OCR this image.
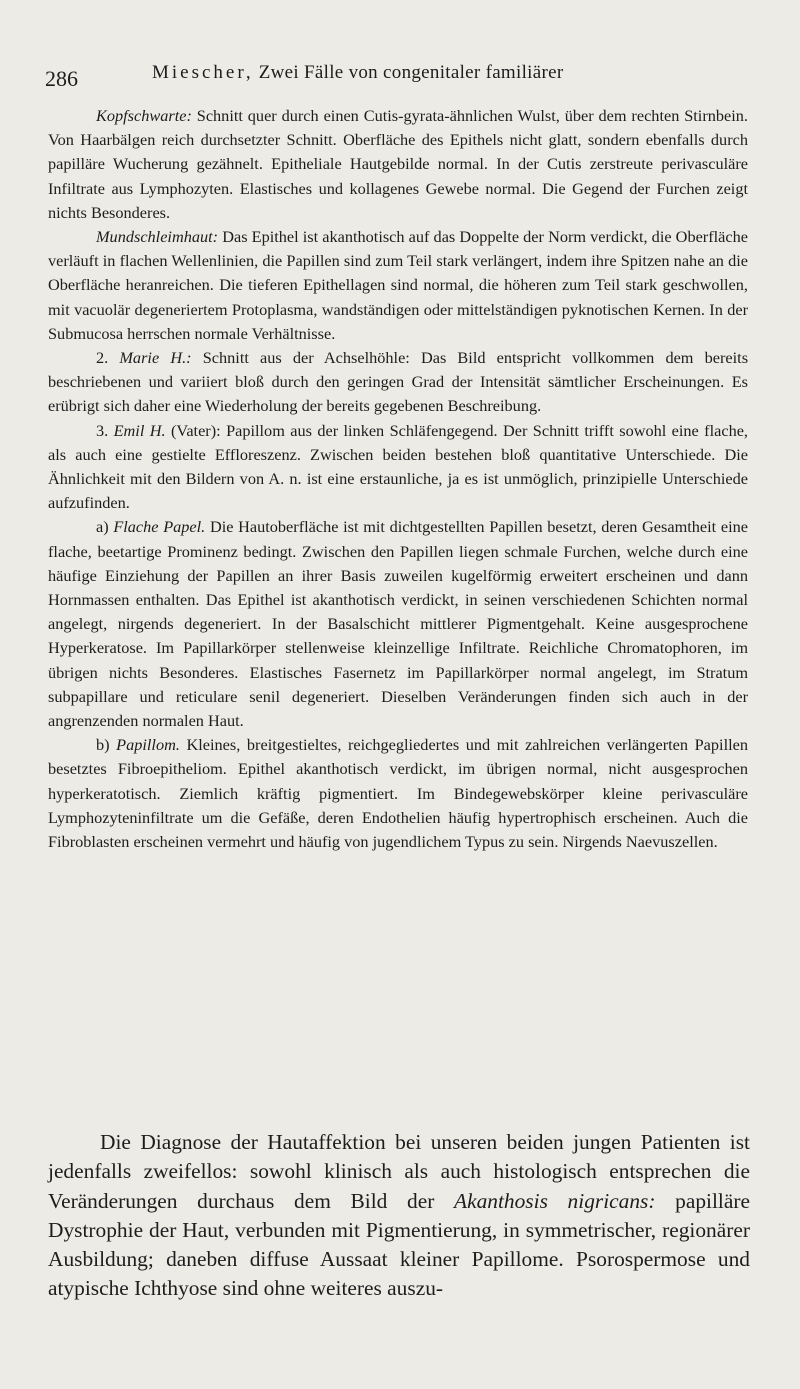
286	Miescher, Zwei Fälle von congenitaler familiärer

Kopfschwarte: Schnitt quer durch einen Cutis-gyrata-ähnlichen Wulst, über dem rechten Stirnbein. Von Haarbälgen reich durchsetzter Schnitt. Oberfläche des Epithels nicht glatt, sondern ebenfalls durch papilläre Wucherung gezähnelt. Epitheliale Hautgebilde normal. In der Cutis zerstreute perivasculäre Infiltrate aus Lymphozyten. Elastisches und kollagenes Gewebe normal. Die Gegend der Furchen zeigt nichts Besonderes.

Mundschleimhaut: Das Epithel ist akanthotisch auf das Doppelte der Norm verdickt, die Oberfläche verläuft in flachen Wellenlinien, die Papillen sind zum Teil stark verlängert, indem ihre Spitzen nahe an die Oberfläche heranreichen. Die tieferen Epithellagen sind normal, die höheren zum Teil stark geschwollen, mit vacuolär degeneriertem Protoplasma, wandständigen oder mittelständigen pyknotischen Kernen. In der Submucosa herrschen normale Verhältnisse.

2. Marie H.: Schnitt aus der Achselhöhle: Das Bild entspricht vollkommen dem bereits beschriebenen und variiert bloß durch den geringen Grad der Intensität sämtlicher Erscheinungen. Es erübrigt sich daher eine Wiederholung der bereits gegebenen Beschreibung.

3. Emil H. (Vater): Papillom aus der linken Schläfengegend. Der Schnitt trifft sowohl eine flache, als auch eine gestielte Effloreszenz. Zwischen beiden bestehen bloß quantitative Unterschiede. Die Ähnlichkeit mit den Bildern von A. n. ist eine erstaunliche, ja es ist unmöglich, prinzipielle Unterschiede aufzufinden.

a) Flache Papel. Die Hautoberfläche ist mit dichtgestellten Papillen besetzt, deren Gesamtheit eine flache, beetartige Prominenz bedingt. Zwischen den Papillen liegen schmale Furchen, welche durch eine häufige Einziehung der Papillen an ihrer Basis zuweilen kugelförmig erweitert erscheinen und dann Hornmassen enthalten. Das Epithel ist akanthotisch verdickt, in seinen verschiedenen Schichten normal angelegt, nirgends degeneriert. In der Basalschicht mittlerer Pigmentgehalt. Keine ausgesprochene Hyperkeratose. Im Papillarkörper stellenweise kleinzellige Infiltrate. Reichliche Chromatophoren, im übrigen nichts Besonderes. Elastisches Fasernetz im Papillarkörper normal angelegt, im Stratum subpapillare und reticulare senil degeneriert. Dieselben Veränderungen finden sich auch in der angrenzenden normalen Haut.

b) Papillom. Kleines, breitgestieltes, reichgegliedertes und mit zahlreichen verlängerten Papillen besetztes Fibroepitheliom. Epithel akanthotisch verdickt, im übrigen normal, nicht ausgesprochen hyperkeratotisch. Ziemlich kräftig pigmentiert. Im Bindegewebskörper kleine perivasculäre Lymphozyteninfiltrate um die Gefäße, deren Endothelien häufig hypertrophisch erscheinen. Auch die Fibroblasten erscheinen vermehrt und häufig von jugendlichem Typus zu sein. Nirgends Naevuszellen.

Die Diagnose der Hautaffektion bei unseren beiden jungen Patienten ist jedenfalls zweifellos: sowohl klinisch als auch histologisch entsprechen die Veränderungen durchaus dem Bild der Akanthosis nigricans: papilläre Dystrophie der Haut, verbunden mit Pigmentierung, in symmetrischer, regionärer Ausbildung; daneben diffuse Aussaat kleiner Papillome. Psorospermose und atypische Ichthyose sind ohne weiteres auszu-
